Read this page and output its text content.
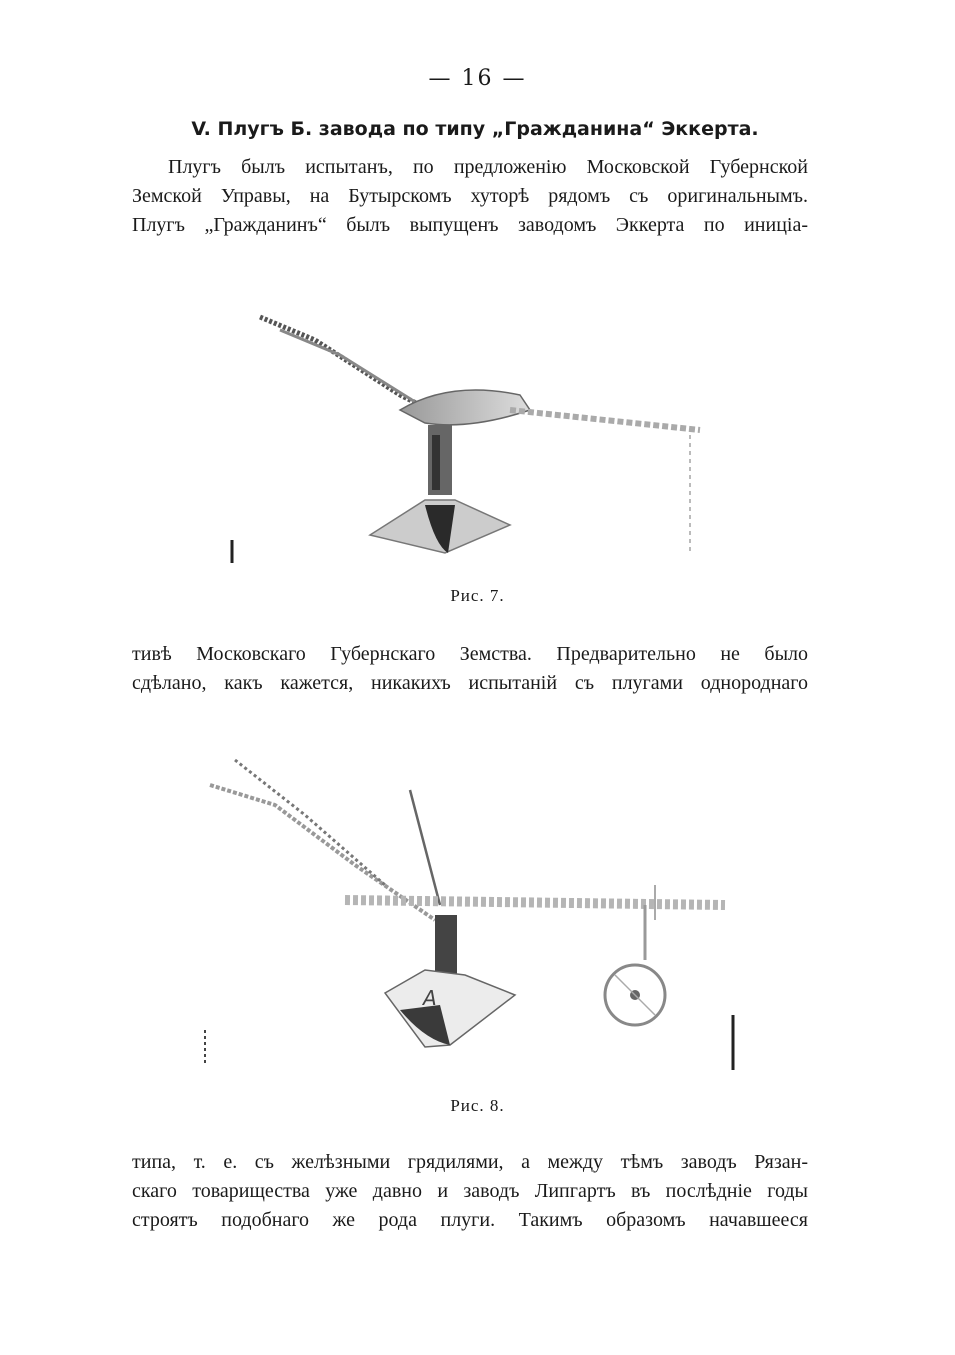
— 16 —
V. Плугъ Б. завода по типу „Гражданина“ Эккерта.
Плугъ былъ испытанъ, по предложенію Московской Губернской
Земской Управы, на Бутырскомъ хуторѣ рядомъ съ оригинальнымъ.
Плугъ „Гражданинъ“ былъ выпущенъ заводомъ Эккерта по иниціа-
Рис. 7.
тивѣ Московскаго Губернскаго Земства. Предварительно не было
сдѣлано, какъ кажется, никакихъ испытаній съ плугами однороднаго
A
Рис. 8.
типа, т. е. съ желѣзными грядилями, а между тѣмъ заводъ Рязан-
скаго товарищества уже давно и заводъ Липгартъ въ послѣдніе годы
строятъ подобнаго же рода плуги. Такимъ образомъ начавшееся
